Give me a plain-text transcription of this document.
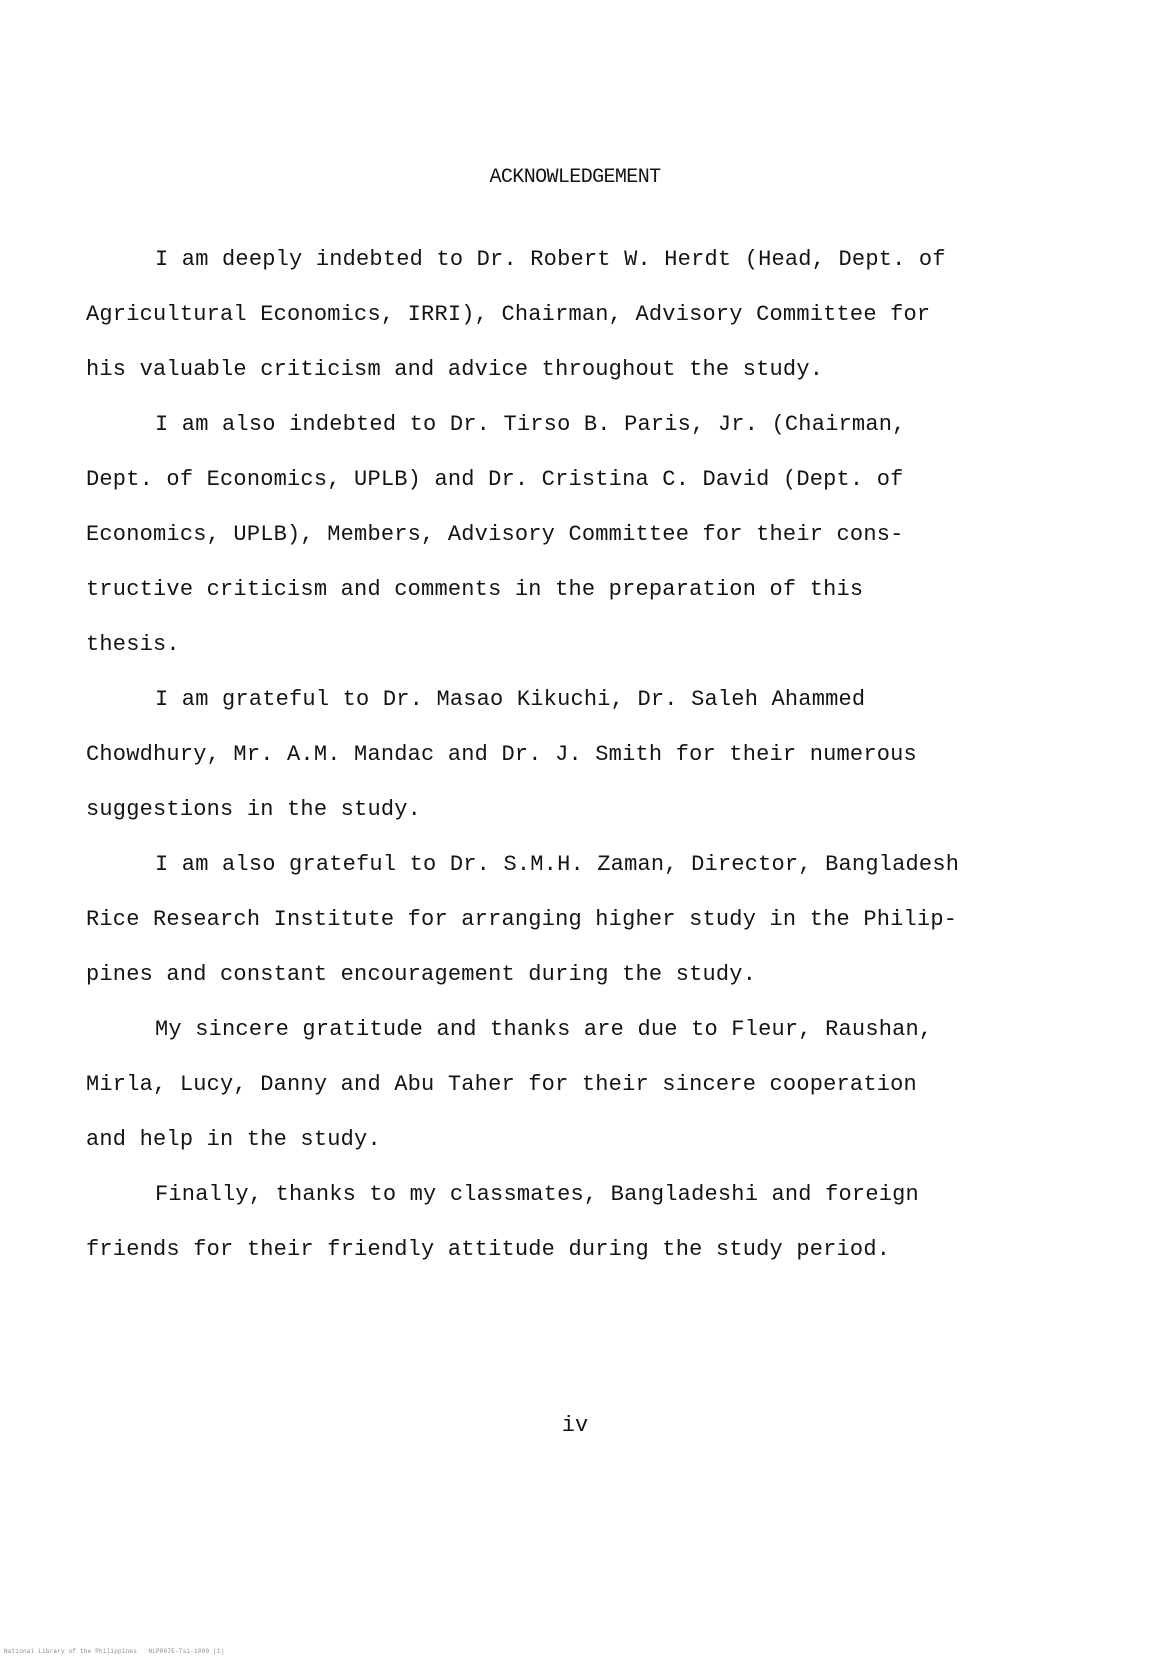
ACKNOWLEDGEMENT

I am deeply indebted to Dr. Robert W. Herdt (Head, Dept. of
Agricultural Economics, IRRI), Chairman, Advisory Committee for
his valuable criticism and advice throughout the study.

I am also indebted to Dr. Tirso B. Paris, Jr. (Chairman,
Dept. of Economics, UPLB) and Dr. Cristina C. David (Dept. of
Economics, UPLB), Members, Advisory Committee for their cons-
tructive criticism and comments in the preparation of this
thesis.

I am grateful to Dr. Masao Kikuchi, Dr. Saleh Ahammed
Chowdhury, Mr. A.M. Mandac and Dr. J. Smith for their numerous
suggestions in the study.

I am also grateful to Dr. S.M.H. Zaman, Director, Bangladesh
Rice Research Institute for arranging higher study in the Philip-
pines and constant encouragement during the study.

My sincere gratitude and thanks are due to Fleur, Raushan,
Mirla, Lucy, Danny and Abu Taher for their sincere cooperation
and help in the study.

Finally, thanks to my classmates, Bangladeshi and foreign
friends for their friendly attitude during the study period.

iv
National Library of the Philippines   NLPR07E-Tsi-1000 (1)
